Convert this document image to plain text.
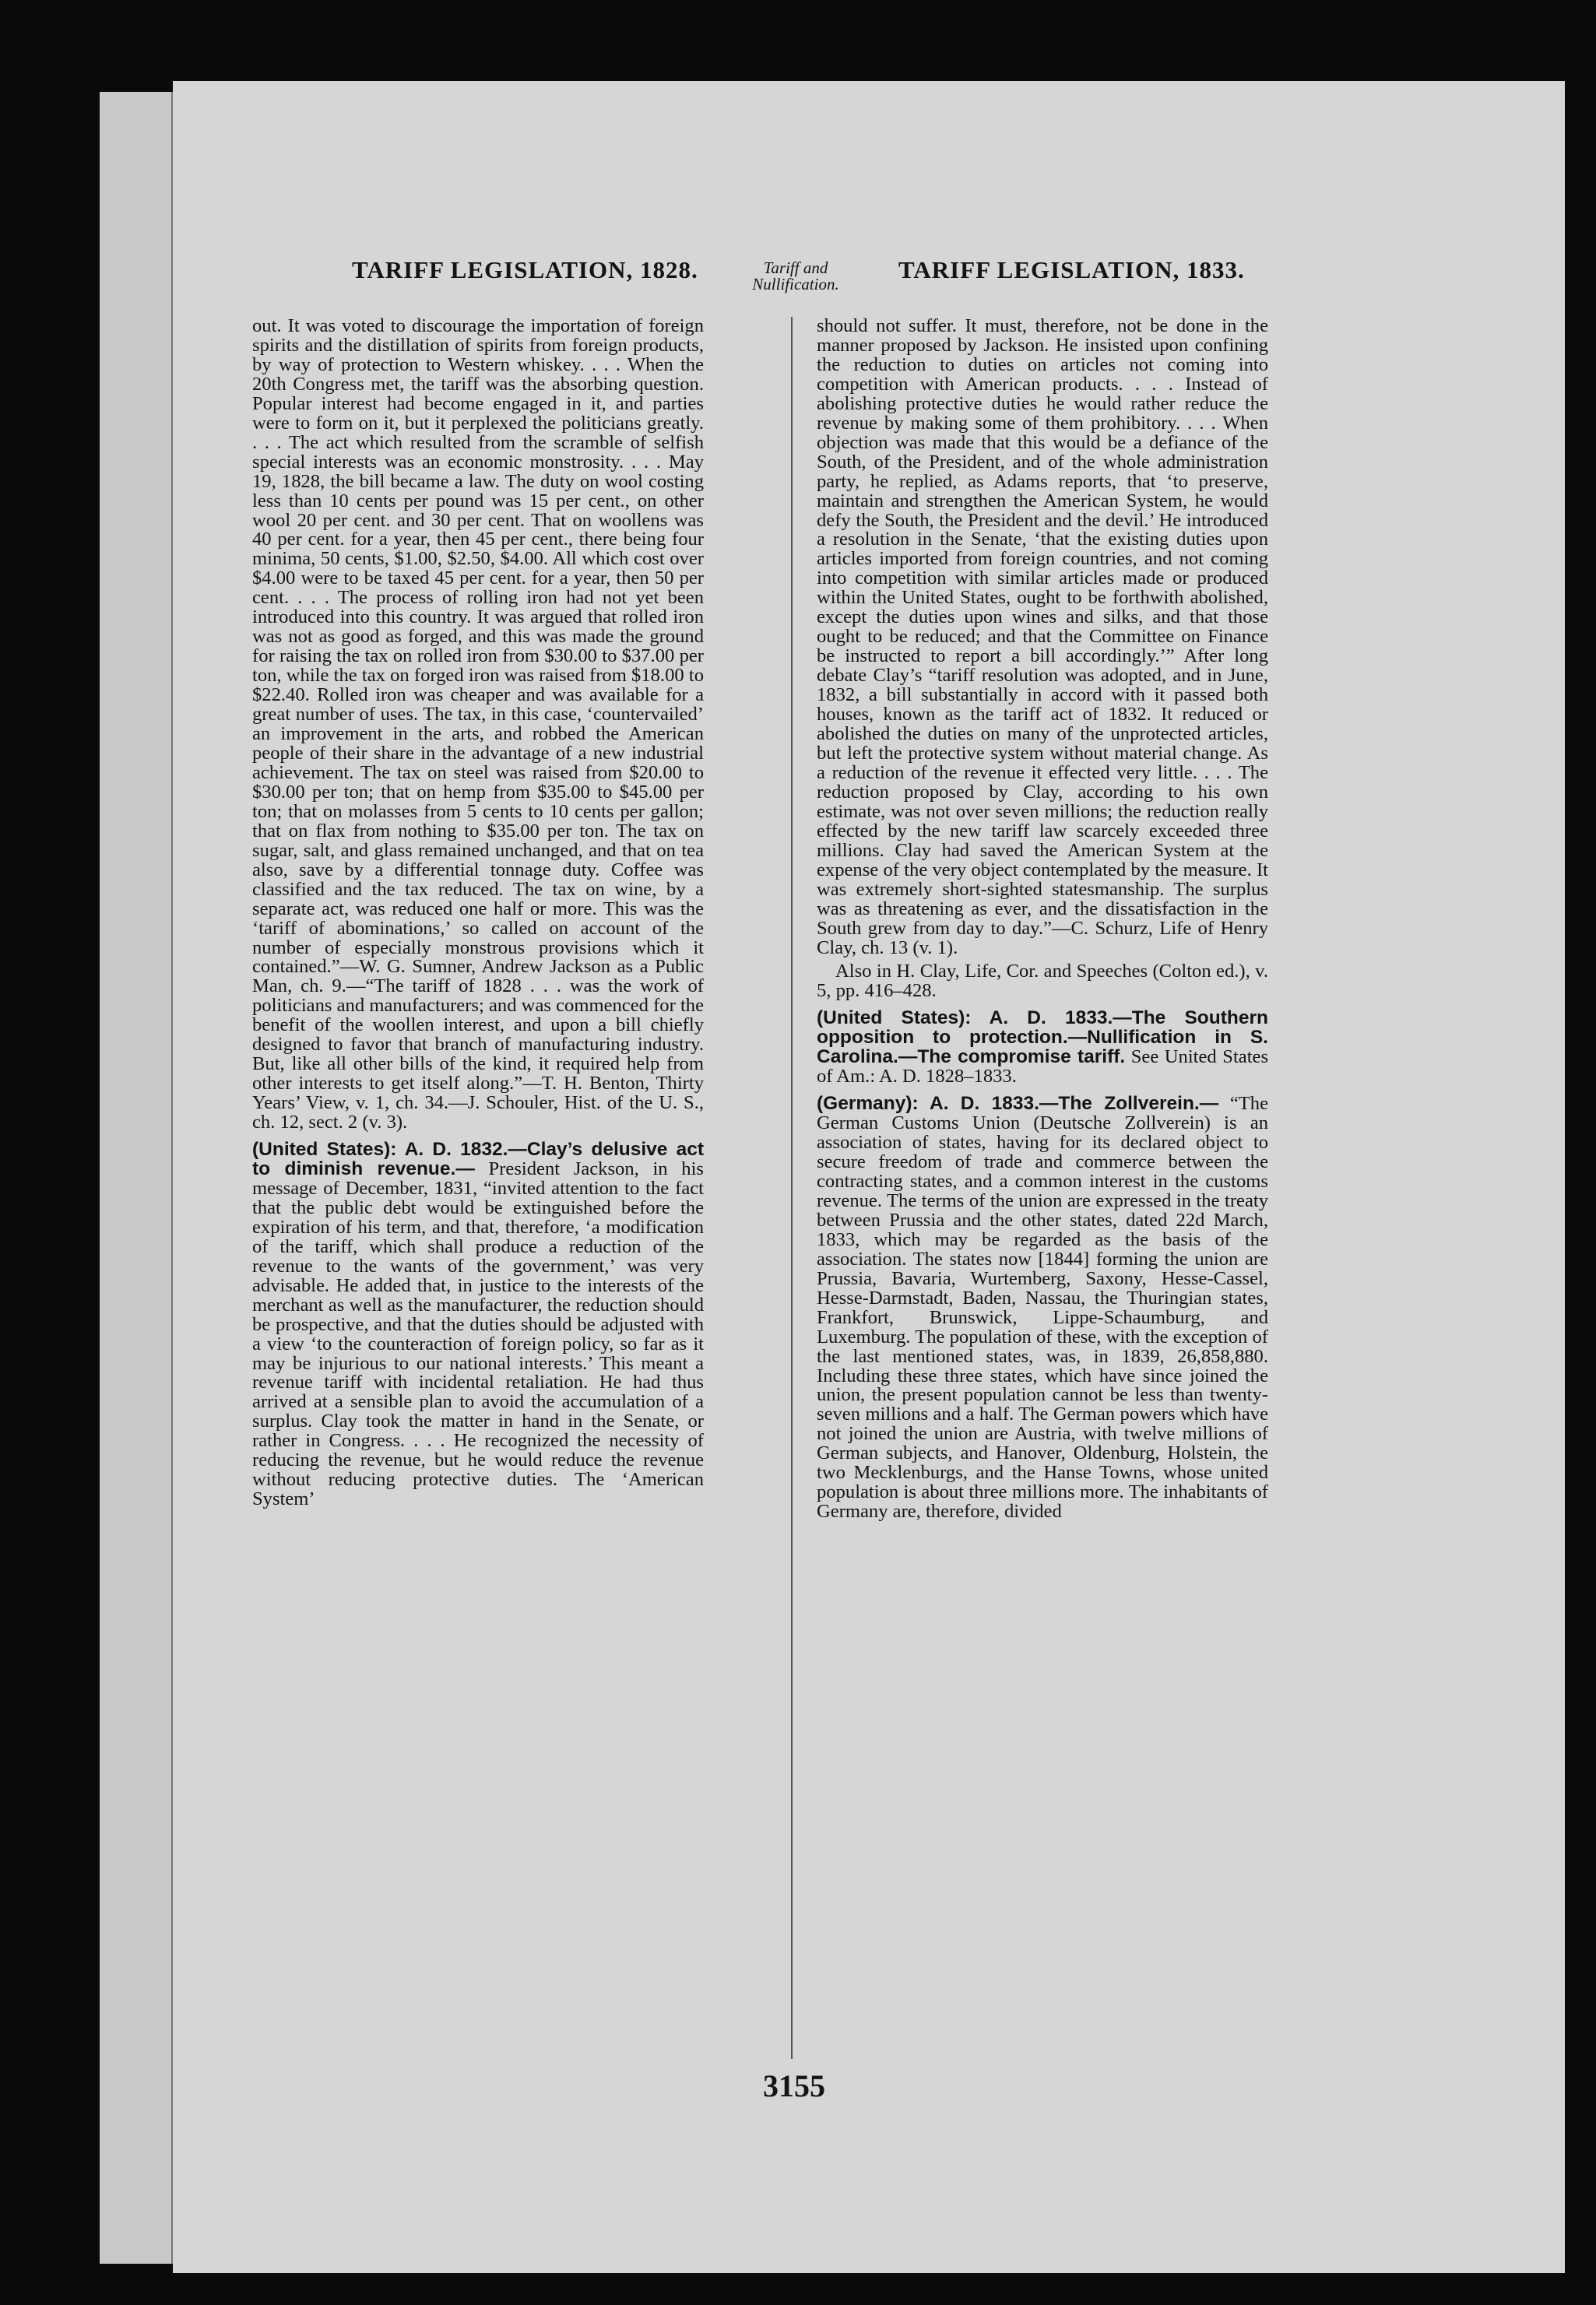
TARIFF LEGISLATION, 1828.	Tariff and
Nullification.
TARIFF LEGISLATION, 1833.

out. It was voted to discourage the importation of foreign spirits and the distillation of spirits from foreign products, by way of protection to Western whiskey. . . . When the 20th Congress met, the tariff was the absorbing question. Popular interest had become engaged in it, and parties were to form on it, but it perplexed the politicians greatly. . . . The act which resulted from the scramble of selfish special interests was an economic monstrosity. . . . May 19, 1828, the bill became a law. The duty on wool costing less than 10 cents per pound was 15 per cent., on other wool 20 per cent. and 30 per cent. That on woollens was 40 per cent. for a year, then 45 per cent., there being four minima, 50 cents, $1.00, $2.50, $4.00. All which cost over $4.00 were to be taxed 45 per cent. for a year, then 50 per cent. . . . The process of rolling iron had not yet been introduced into this country. It was argued that rolled iron was not as good as forged, and this was made the ground for raising the tax on rolled iron from $30.00 to $37.00 per ton, while the tax on forged iron was raised from $18.00 to $22.40. Rolled iron was cheaper and was available for a great number of uses. The tax, in this case, ‘countervailed’ an improvement in the arts, and robbed the American people of their share in the advantage of a new industrial achievement. The tax on steel was raised from $20.00 to $30.00 per ton; that on hemp from $35.00 to $45.00 per ton; that on molasses from 5 cents to 10 cents per gallon; that on flax from nothing to $35.00 per ton. The tax on sugar, salt, and glass remained unchanged, and that on tea also, save by a differential tonnage duty. Coffee was classified and the tax reduced. The tax on wine, by a separate act, was reduced one half or more. This was the ‘tariff of abominations,’ so called on account of the number of especially monstrous provisions which it contained.”—W. G. Sumner, Andrew Jackson as a Public Man, ch. 9.—“The tariff of 1828 . . . was the work of politicians and manufacturers; and was commenced for the benefit of the woollen interest, and upon a bill chiefly designed to favor that branch of manufacturing industry. But, like all other bills of the kind, it required help from other interests to get itself along.”—T. H. Benton, Thirty Years’ View, v. 1, ch. 34.—J. Schouler, Hist. of the U. S., ch. 12, sect. 2 (v. 3).

(United States): A. D. 1832.—Clay’s delusive act to diminish revenue.— President Jackson, in his message of December, 1831, “invited attention to the fact that the public debt would be extinguished before the expiration of his term, and that, therefore, ‘a modification of the tariff, which shall produce a reduction of the revenue to the wants of the government,’ was very advisable. He added that, in justice to the interests of the merchant as well as the manufacturer, the reduction should be prospective, and that the duties should be adjusted with a view ‘to the counteraction of foreign policy, so far as it may be injurious to our national interests.’ This meant a revenue tariff with incidental retaliation. He had thus arrived at a sensible plan to avoid the accumulation of a surplus. Clay took the matter in hand in the Senate, or rather in Congress. . . . He recognized the necessity of reducing the revenue, but he would reduce the revenue without reducing protective duties. The ‘American System’

should not suffer. It must, therefore, not be done in the manner proposed by Jackson. He insisted upon confining the reduction to duties on articles not coming into competition with American products. . . . Instead of abolishing protective duties he would rather reduce the revenue by making some of them prohibitory. . . . When objection was made that this would be a defiance of the South, of the President, and of the whole administration party, he replied, as Adams reports, that ‘to preserve, maintain and strengthen the American System, he would defy the South, the President and the devil.’ He introduced a resolution in the Senate, ‘that the existing duties upon articles imported from foreign countries, and not coming into competition with similar articles made or produced within the United States, ought to be forthwith abolished, except the duties upon wines and silks, and that those ought to be reduced; and that the Committee on Finance be instructed to report a bill accordingly.’” After long debate Clay’s “tariff resolution was adopted, and in June, 1832, a bill substantially in accord with it passed both houses, known as the tariff act of 1832. It reduced or abolished the duties on many of the unprotected articles, but left the protective system without material change. As a reduction of the revenue it effected very little. . . . The reduction proposed by Clay, according to his own estimate, was not over seven millions; the reduction really effected by the new tariff law scarcely exceeded three millions. Clay had saved the American System at the expense of the very object contemplated by the measure. It was extremely short-sighted statesmanship. The surplus was as threatening as ever, and the dissatisfaction in the South grew from day to day.”—C. Schurz, Life of Henry Clay, ch. 13 (v. 1).

Also in H. Clay, Life, Cor. and Speeches (Colton ed.), v. 5, pp. 416–428.

(United States): A. D. 1833.—The Southern opposition to protection.—Nullification in S. Carolina.—The compromise tariff. See United States of Am.: A. D. 1828–1833.

(Germany): A. D. 1833.—The Zollverein.— “The German Customs Union (Deutsche Zollverein) is an association of states, having for its declared object to secure freedom of trade and commerce between the contracting states, and a common interest in the customs revenue. The terms of the union are expressed in the treaty between Prussia and the other states, dated 22d March, 1833, which may be regarded as the basis of the association. The states now [1844] forming the union are Prussia, Bavaria, Wurtemberg, Saxony, Hesse-Cassel, Hesse-Darmstadt, Baden, Nassau, the Thuringian states, Frankfort, Brunswick, Lippe-Schaumburg, and Luxemburg. The population of these, with the exception of the last mentioned states, was, in 1839, 26,858,880. Including these three states, which have since joined the union, the present population cannot be less than twenty-seven millions and a half. The German powers which have not joined the union are Austria, with twelve millions of German subjects, and Hanover, Oldenburg, Holstein, the two Mecklenburgs, and the Hanse Towns, whose united population is about three millions more. The inhabitants of Germany are, therefore, divided

3155
